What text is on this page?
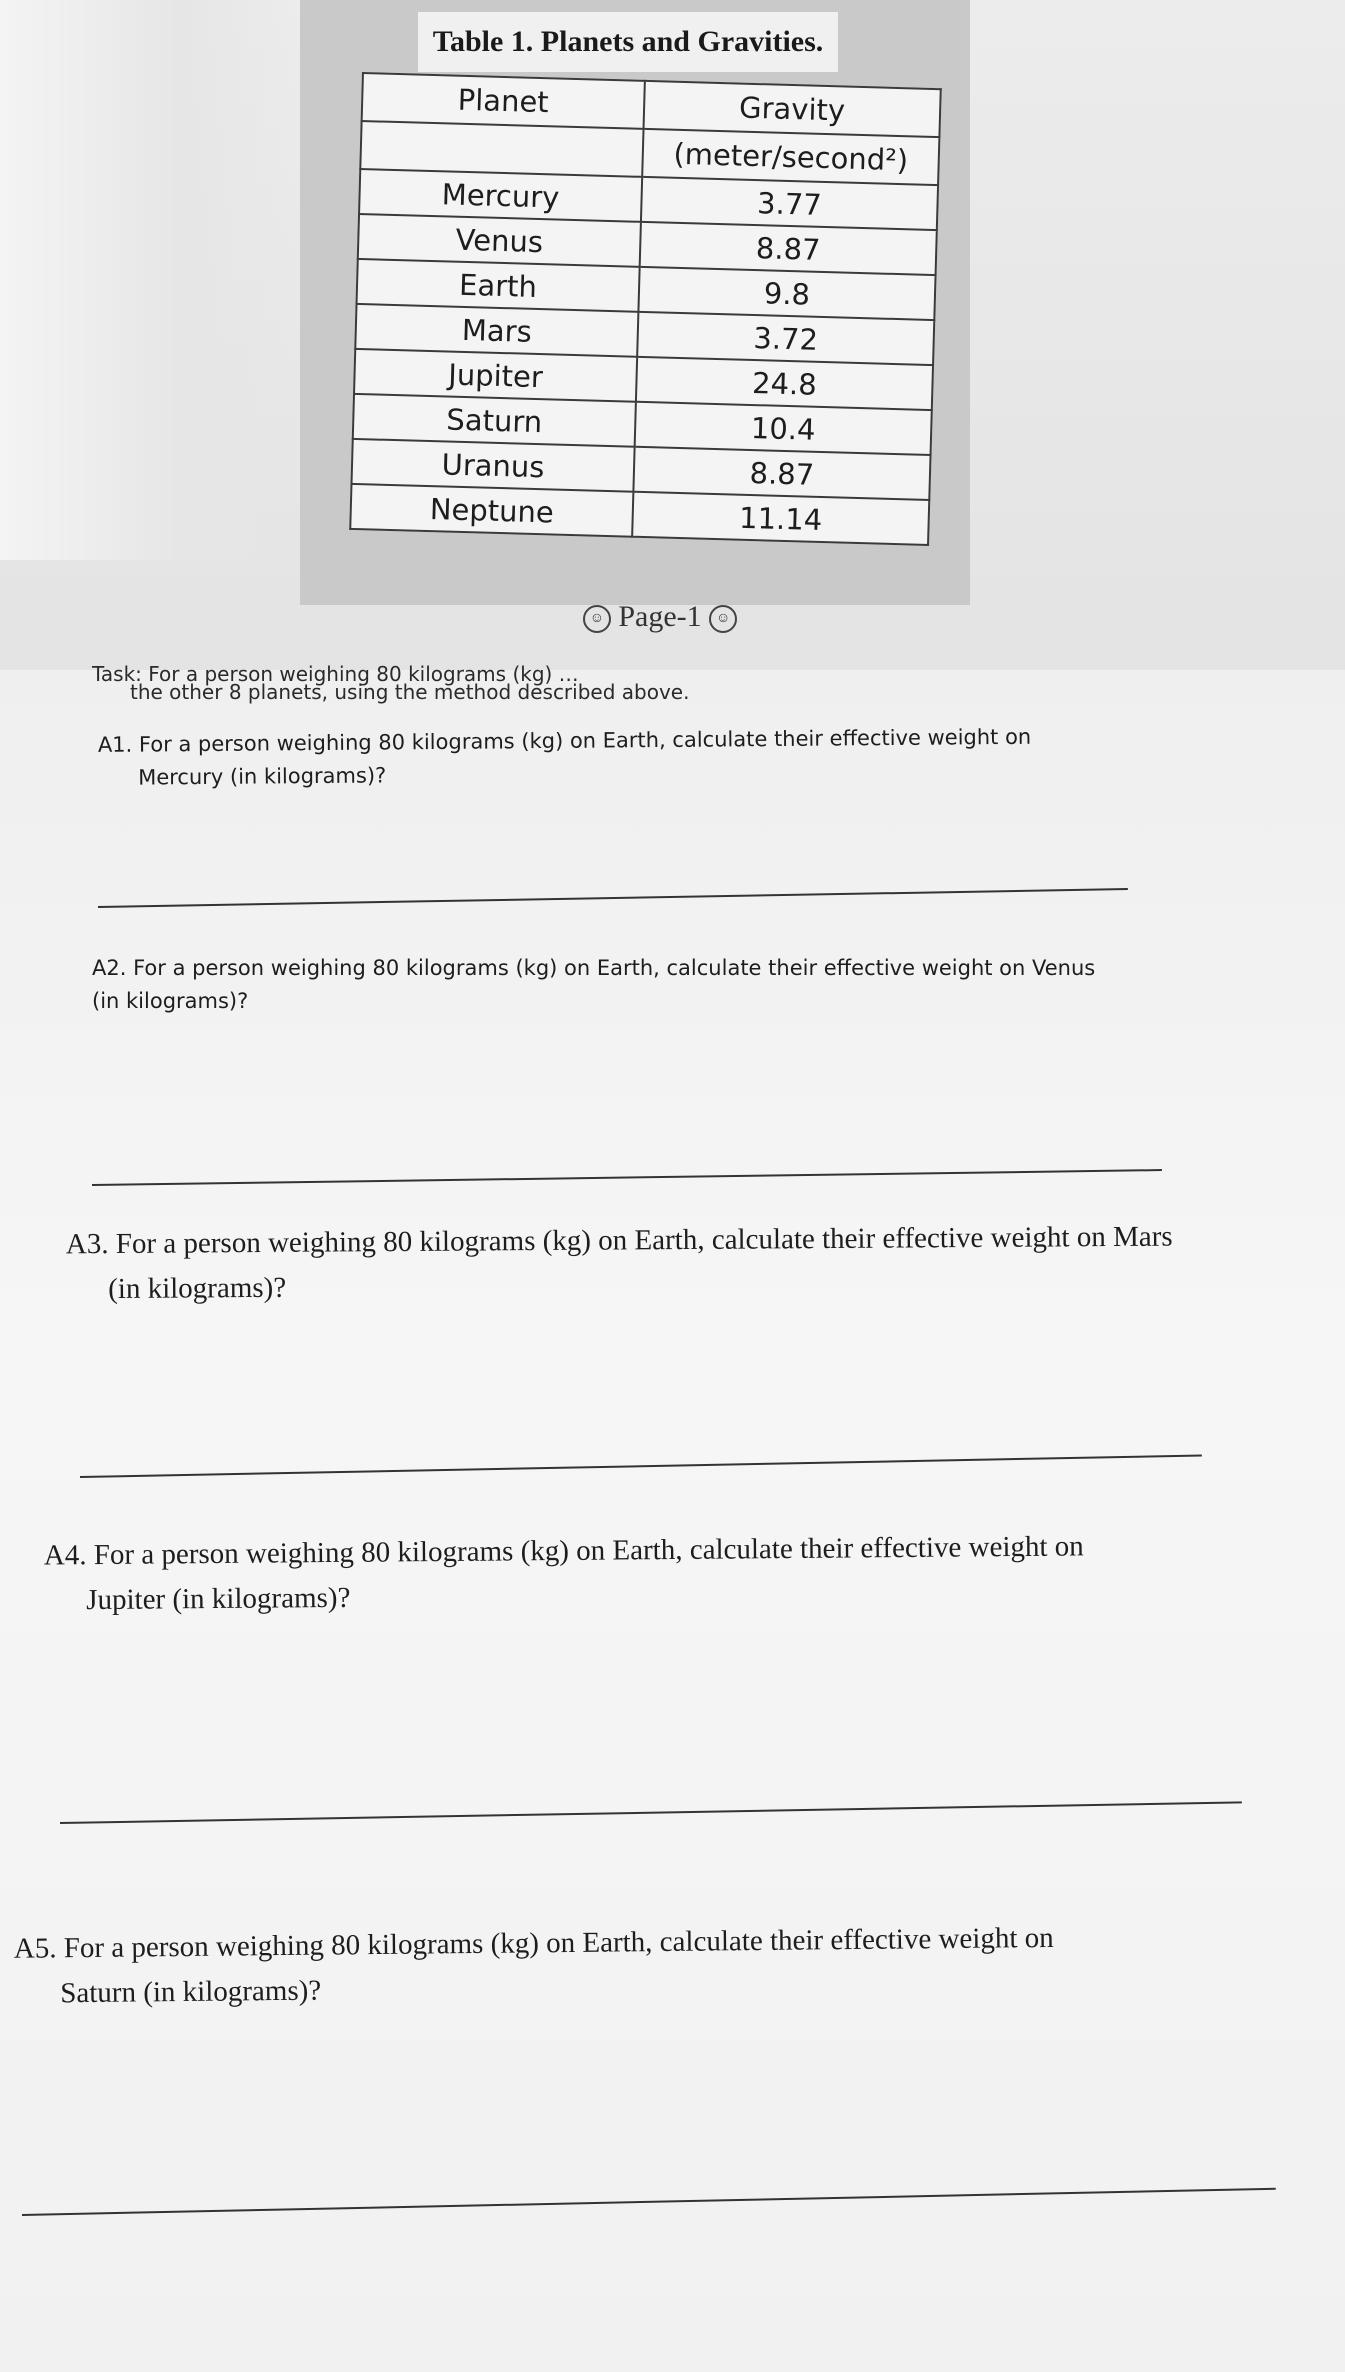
Table 1. Planets and Gravities.

Planet	Gravity
	(meter/second²)
Mercury	3.77
Venus	8.87
Earth	9.8
Mars	3.72
Jupiter	24.8
Saturn	10.4
Uranus	8.87
Neptune	11.14
☺ Page-1 ☺
Task: For a person weighing 80 kilograms (kg) …
the other 8 planets, using the method described above.

A1. For a person weighing 80 kilograms (kg) on Earth, calculate their effective weight on

Mercury (in kilograms)?

A2. For a person weighing 80 kilograms (kg) on Earth, calculate their effective weight on Venus

(in kilograms)?

A3. For a person weighing 80 kilograms (kg) on Earth, calculate their effective weight on Mars

(in kilograms)?

A4. For a person weighing 80 kilograms (kg) on Earth, calculate their effective weight on

Jupiter (in kilograms)?

A5. For a person weighing 80 kilograms (kg) on Earth, calculate their effective weight on

Saturn (in kilograms)?
